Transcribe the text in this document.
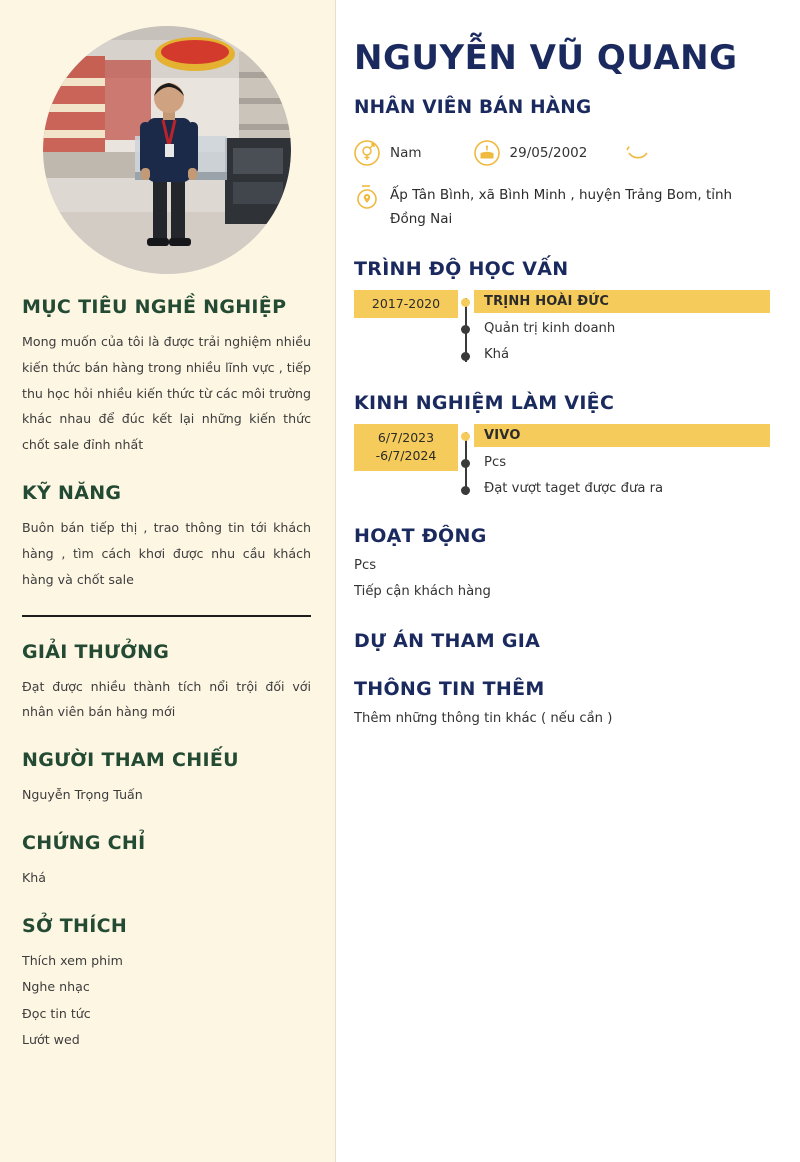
MỤC TIÊU NGHỀ NGHIỆP

Mong muốn của tôi là được trải nghiệm nhiều kiến thức bán hàng trong nhiều lĩnh vực , tiếp thu học hỏi nhiều kiến thức từ các môi trường khác nhau để đúc kết lại những kiến thức chốt sale đỉnh nhất

KỸ NĂNG

Buôn bán tiếp thị , trao thông tin tới khách hàng , tìm cách khơi được nhu cầu khách hàng và chốt sale

GIẢI THƯỞNG

Đạt được nhiều thành tích nổi trội đối với nhân viên bán hàng mới

NGƯỜI THAM CHIẾU

Nguyễn Trọng Tuấn

CHỨNG CHỈ

Khá

SỞ THÍCH
Thích xem phim
Nghe nhạc
Đọc tin tức
Lướt wed
NGUYỄN VŨ QUANG
NHÂN VIÊN BÁN HÀNG
Nam	29/05/2002
Ấp Tân Bình, xã Bình Minh , huyện Trảng Bom, tỉnh Đồng Nai
TRÌNH ĐỘ HỌC VẤN
2017-2020	TRỊNH HOÀI ĐỨC
Quản trị kinh doanh
Khá
KINH NGHIỆM LÀM VIỆC
6/7/2023
-6/7/2024
VIVO
Pcs
Đạt vượt taget được đưa ra
HOẠT ĐỘNG

Pcs

Tiếp cận khách hàng

DỰ ÁN THAM GIA
THÔNG TIN THÊM

Thêm những thông tin khác ( nếu cần )
